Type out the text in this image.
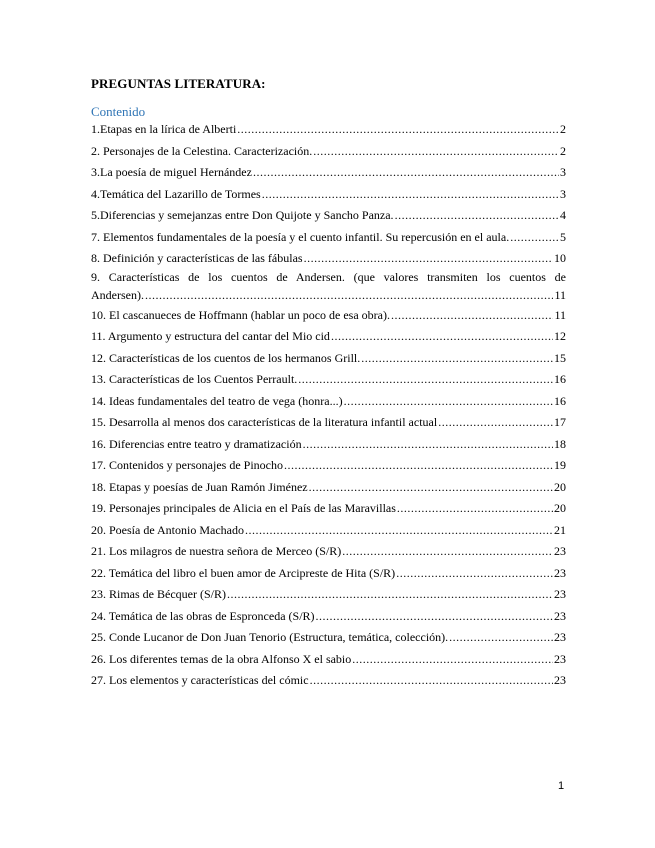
PREGUNTAS LITERATURA:
Contenido
1.Etapas en la lírica de Alberti .....	2
2. Personajes de la Celestina. Caracterización. .....	2
3.La poesía de miguel Hernández .....	3
4.Temática del Lazarillo de Tormes .....	3
5.Diferencias y semejanzas entre Don Quijote y Sancho Panza. .....	4
7. Elementos fundamentales de la poesía y el cuento infantil. Su repercusión en el aula. .....	5
8. Definición y características de las fábulas .....	10
9. Características de los cuentos de Andersen. (que valores transmiten los cuentos de
Andersen). .....	11
10. El cascanueces de Hoffmann (hablar un poco de esa obra). .....	11
11. Argumento y estructura del cantar del Mio cid .....	12
12. Características de los cuentos de los hermanos Grill. .....	15
13. Características de los Cuentos Perrault. .....	16
14. Ideas fundamentales del teatro de vega (honra...) .....	16
15. Desarrolla al menos dos características de la literatura infantil actual .....	17
16. Diferencias entre teatro y dramatización .....	18
17. Contenidos y personajes de Pinocho .....	19
18. Etapas y poesías de Juan Ramón Jiménez .....	20
19. Personajes principales de Alicia en el País de las Maravillas .....	20
20. Poesía de Antonio Machado .....	21
21. Los milagros de nuestra señora de Merceo (S/R) .....	23
22. Temática del libro el buen amor de Arcipreste de Hita (S/R) .....	23
23. Rimas de Bécquer (S/R) .....	23
24. Temática de las obras de Espronceda (S/R) .....	23
25. Conde Lucanor de Don Juan Tenorio (Estructura, temática, colección). .....	23
26. Los diferentes temas de la obra Alfonso X el sabio .....	23
27. Los elementos y características del cómic .....	23
1
